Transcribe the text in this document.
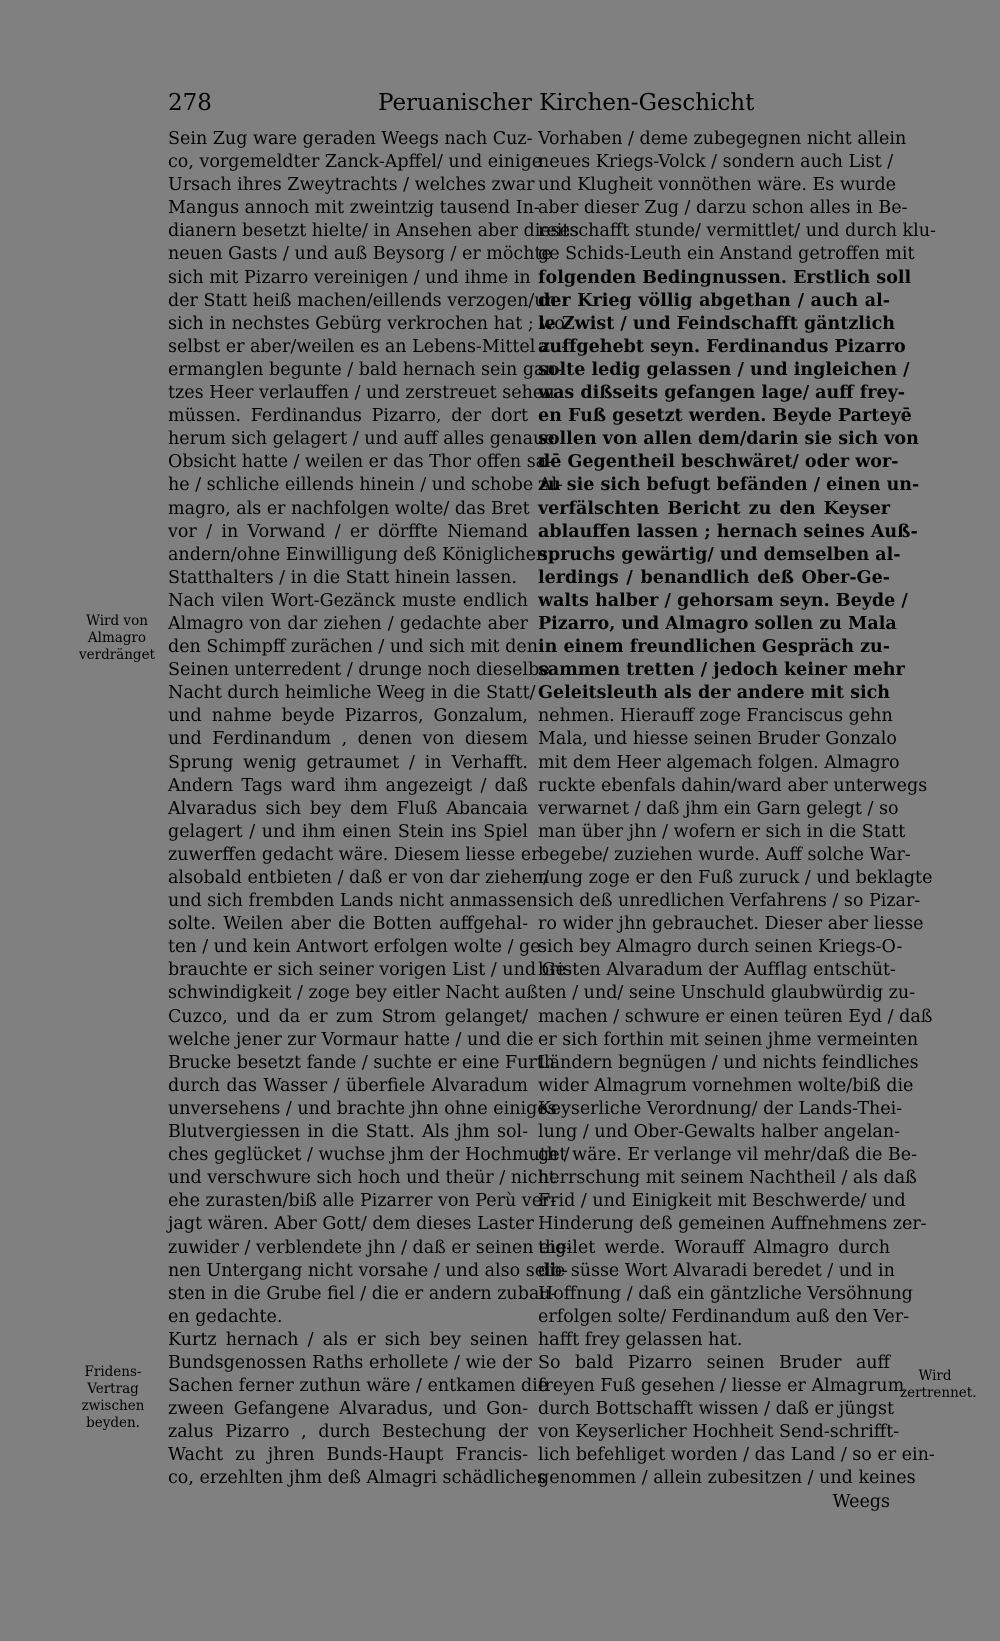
278	Peruanischer Kirchen-Geschicht
Wird von Almagro verdränget
Fridens-Vertrag zwischen beyden.
Wird zertrennet.
Sein Zug ware geraden Weegs nach Cuz-
co, vorgemeldter Zanck-Apffel/ und einige
Ursach ihres Zweytrachts / welches zwar
Mangus annoch mit zweintzig tausend In-
dianern besetzt hielte/ in Ansehen aber dieses
neuen Gasts / und auß Beysorg / er möchte
sich mit Pizarro vereinigen / und ihme in
der Statt heiß machen/eillends verzogen/un
sich in nechstes Gebürg verkrochen hat ; wo-
selbst er aber/weilen es an Lebens-Mittel zu-
ermanglen begunte / bald hernach sein gan-
tzes Heer verlauffen / und zerstreuet sehen
müssen. Ferdinandus Pizarro, der dort
herum sich gelagert / und auff alles genaue
Obsicht hatte / weilen er das Thor offen sa-
he / schliche eillends hinein / und schobe Al-
magro, als er nachfolgen wolte/ das Bret
vor / in Vorwand / er dörffte Niemand
andern/ohne Einwilligung deß Königlichen
Statthalters / in die Statt hinein lassen.
Nach vilen Wort-Gezänck muste endlich
Almagro von dar ziehen / gedachte aber
den Schimpff zurächen / und sich mit den
Seinen unterredent / drunge noch dieselbe
Nacht durch heimliche Weeg in die Statt/
und nahme beyde Pizarros, Gonzalum,
und Ferdinandum , denen von diesem
Sprung wenig getraumet / in Verhafft.
Andern Tags ward ihm angezeigt / daß
Alvaradus sich bey dem Fluß Abancaia
gelagert / und ihm einen Stein ins Spiel
zuwerffen gedacht wäre. Diesem liesse er
alsobald entbieten / daß er von dar ziehen/
und sich frembden Lands nicht anmassen
solte. Weilen aber die Botten auffgehal-
ten / und kein Antwort erfolgen wolte / ge-
brauchte er sich seiner vorigen List / und Ge-
schwindigkeit / zoge bey eitler Nacht auß
Cuzco, und da er zum Strom gelanget/
welche jener zur Vormaur hatte / und die
Brucke besetzt fande / suchte er eine Furth
durch das Wasser / überfiele Alvaradum
unversehens / und brachte jhn ohne einiges
Blutvergiessen in die Statt. Als jhm sol-
ches geglücket / wuchse jhm der Hochmuth /
und verschwure sich hoch und theür / nicht
ehe zurasten/biß alle Pizarrer von Perù ver-
jagt wären. Aber Gott/ dem dieses Laster
zuwider / verblendete jhn / daß er seinen eig-
nen Untergang nicht vorsahe / und also selb-
sten in die Grube fiel / die er andern zubau-
en gedachte.
Kurtz hernach / als er sich bey seinen
Bundsgenossen Raths erhollete / wie der
Sachen ferner zuthun wäre / entkamen die
zween Gefangene Alvaradus, und Gon-
zalus Pizarro , durch Bestechung der
Wacht zu jhren Bunds-Haupt Francis-
co, erzehlten jhm deß Almagri schädliches
Vorhaben / deme zubegegnen nicht allein
neues Kriegs-Volck / sondern auch List /
und Klugheit vonnöthen wäre. Es wurde
aber dieser Zug / darzu schon alles in Be-
reitschafft stunde/ vermittlet/ und durch klu-
ge Schids-Leuth ein Anstand getroffen mit
folgenden Bedingnussen. Erstlich soll
der Krieg völlig abgethan / auch al-
le Zwist / und Feindschafft gäntzlich
auffgehebt seyn. Ferdinandus Pizarro
solte ledig gelassen / und ingleichen /
was dißseits gefangen lage/ auff frey-
en Fuß gesetzt werden. Beyde Parteyē
sollen von allen dem/darin sie sich von
dē Gegentheil beschwäret/ oder wor-
zu sie sich befugt befänden / einen un-
verfälschten Bericht zu den Keyser
ablauffen lassen ; hernach seines Auß-
spruchs gewärtig/ und demselben al-
lerdings / benandlich deß Ober-Ge-
walts halber / gehorsam seyn. Beyde /
Pizarro, und Almagro sollen zu Mala
in einem freundlichen Gespräch zu-
sammen tretten / jedoch keiner mehr
Geleitsleuth als der andere mit sich
nehmen. Hierauff zoge Franciscus gehn
Mala, und hiesse seinen Bruder Gonzalo
mit dem Heer algemach folgen. Almagro
ruckte ebenfals dahin/ward aber unterwegs
verwarnet / daß jhm ein Garn gelegt / so
man über jhn / wofern er sich in die Statt
begebe/ zuziehen wurde. Auff solche War-
nung zoge er den Fuß zuruck / und beklagte
sich deß unredlichen Verfahrens / so Pizar-
ro wider jhn gebrauchet. Dieser aber liesse
sich bey Almagro durch seinen Kriegs-O-
bristen Alvaradum der Aufflag entschüt-
ten / und/ seine Unschuld glaubwürdig zu-
machen / schwure er einen teüren Eyd / daß
er sich forthin mit seinen jhme vermeinten
Ländern begnügen / und nichts feindliches
wider Almagrum vornehmen wolte/biß die
Keyserliche Verordnung/ der Lands-Thei-
lung / und Ober-Gewalts halber angelan-
get wäre. Er verlange vil mehr/daß die Be-
herrschung mit seinem Nachtheil / als daß
Frid / und Einigkeit mit Beschwerde/ und
Hinderung deß gemeinen Auffnehmens zer-
theilet werde. Worauff Almagro durch
die süsse Wort Alvaradi beredet / und in
Hoffnung / daß ein gäntzliche Versöhnung
erfolgen solte/ Ferdinandum auß den Ver-
hafft frey gelassen hat.
So bald Pizarro seinen Bruder auff
freyen Fuß gesehen / liesse er Almagrum
durch Bottschafft wissen / daß er jüngst
von Keyserlicher Hochheit Send-schrifft-
lich befehliget worden / das Land / so er ein-
genommen / allein zubesitzen / und keines
Weegs
